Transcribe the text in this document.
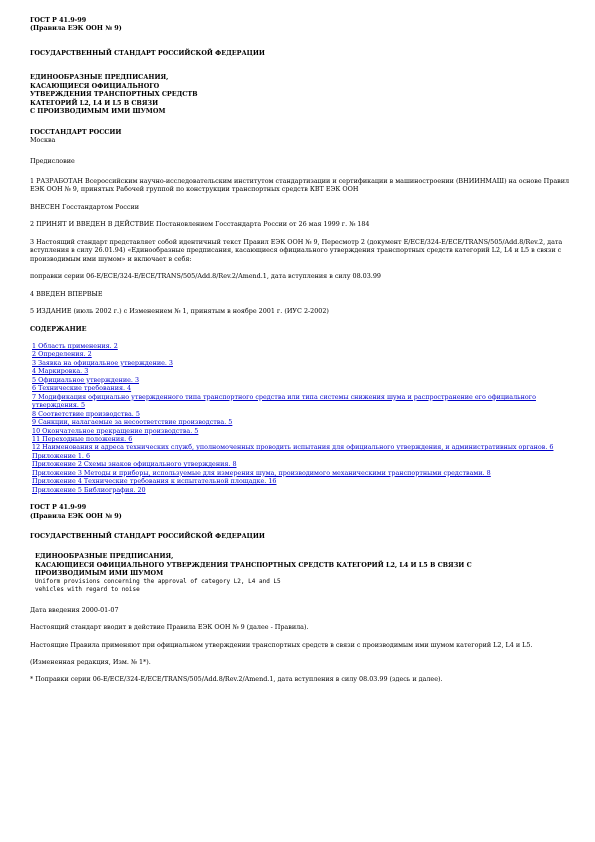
ГОСТ Р 41.9-99

(Правила ЕЭК ООН № 9)

ГОСУДАРСТВЕННЫЙ СТАНДАРТ РОССИЙСКОЙ ФЕДЕРАЦИИ

ЕДИНООБРАЗНЫЕ ПРЕДПИСАНИЯ,

КАСАЮЩИЕСЯ ОФИЦИАЛЬНОГО

УТВЕРЖДЕНИЯ ТРАНСПОРТНЫХ СРЕДСТВ

КАТЕГОРИЙ L2, L4 И L5 В СВЯЗИ

С ПРОИЗВОДИМЫМ ИМИ ШУМОМ

ГОССТАНДАРТ РОССИИ

Москва

Предисловие

1 РАЗРАБОТАН Всероссийским научно-исследовательским институтом стандартизации и сертификации в машиностроении (ВНИИНМАШ) на основе Правил ЕЭК ООН № 9, принятых Рабочей группой по конструкции транспортных средств КВТ ЕЭК ООН

ВНЕСЕН Госстандартом России

2 ПРИНЯТ И ВВЕДЕН В ДЕЙСТВИЕ Постановлением Госстандарта России от 26 мая 1999 г. № 184

3 Настоящий стандарт представляет собой идентичный текст Правил ЕЭК ООН № 9, Пересмотр 2 (документ E/ECE/324-E/ECE/TRANS/505/Add.8/Rev.2, дата вступления в силу 26.01.94) «Единообразные предписания, касающиеся официального утверждения транспортных средств категорий L2, L4 и L5 в связи с производимым ими шумом» и включает в себя:

поправки серии 06-E/ECE/324-E/ECE/TRANS/505/Add.8/Rev.2/Amend.1, дата вступления в силу 08.03.99

4 ВВЕДЕН ВПЕРВЫЕ

5 ИЗДАНИЕ (июль 2002 г.) с Изменением № 1, принятым в ноябре 2001 г. (ИУС 2-2002)

СОДЕРЖАНИЕ

1 Область применения. 2
2 Определения. 2
3 Заявка на официальное утверждение. 3
4 Маркировка. 3
5 Официальное утверждение. 3
6 Технические требования. 4
7 Модификация официально утвержденного типа транспортного средства или типа системы снижения шума и распространение его официального утверждения. 5
8 Соответствие производства. 5
9 Санкции, налагаемые за несоответствие производства. 5
10 Окончательное прекращение производства. 5
11 Переходные положения. 6
12 Наименования и адреса технических служб, уполномоченных проводить испытания для официального утверждения, и административных органов. 6
Приложение 1. 6
Приложение 2 Схемы знаков официального утверждения. 8
Приложение 3 Методы и приборы, используемые для измерения шума, производимого механическими транспортными средствами. 8
Приложение 4 Технические требования к испытательной площадке. 16
Приложение 5 Библиография. 20

ГОСТ Р 41.9-99

(Правила ЕЭК ООН № 9)

ГОСУДАРСТВЕННЫЙ СТАНДАРТ РОССИЙСКОЙ ФЕДЕРАЦИИ

ЕДИНООБРАЗНЫЕ ПРЕДПИСАНИЯ,

КАСАЮЩИЕСЯ ОФИЦИАЛЬНОГО УТВЕРЖДЕНИЯ ТРАНСПОРТНЫХ СРЕДСТВ КАТЕГОРИЙ L2, L4 И L5 В СВЯЗИ С

ПРОИЗВОДИМЫМ ИМИ ШУМОМ

Uniform provisions concerning the approval of category L2, L4 and L5

vehicles with regard to noise

Дата введения 2000-01-07

Настоящий стандарт вводит в действие Правила ЕЭК ООН № 9 (далее - Правила).

Настоящие Правила применяют при официальном утверждении транспортных средств в связи с производимым ими шумом категорий L2, L4 и L5.

(Измененная редакция, Изм. № 1*).

* Поправки серии 06-E/ECE/324-E/ECE/TRANS/505/Add.8/Rev.2/Amend.1, дата вступления в силу 08.03.99 (здесь и далее).
